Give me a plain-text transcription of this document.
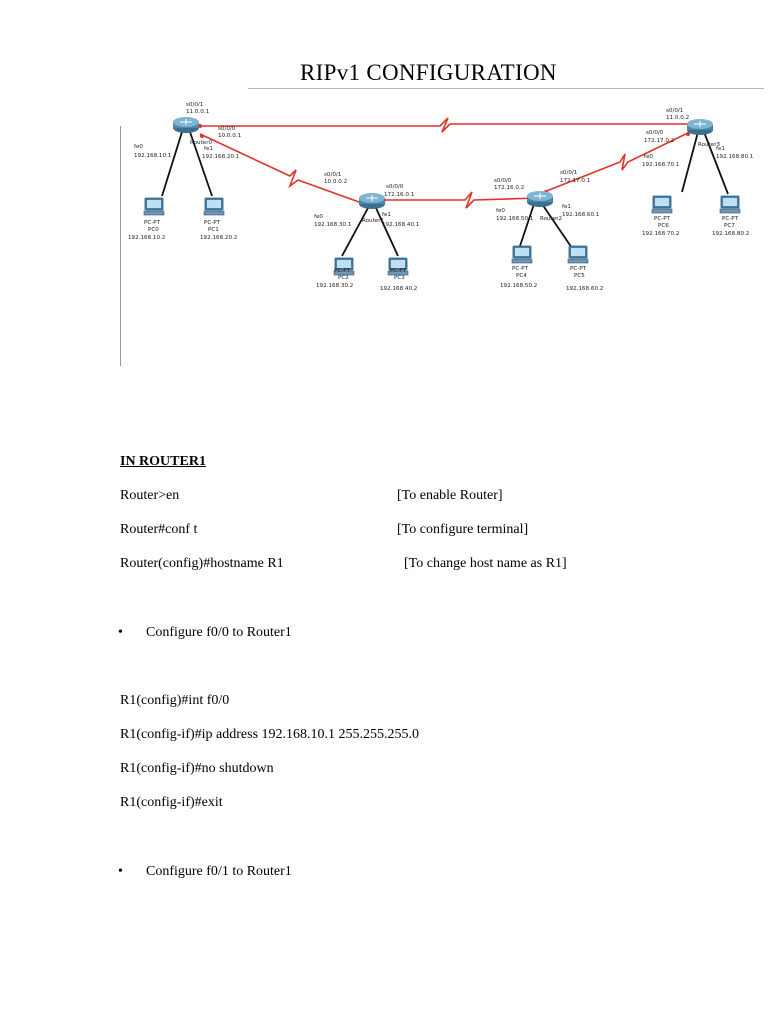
RIPv1 CONFIGURATION
s0/0/1
11.0.0.1
s0/0/0
10.0.0.1
Router0
fe0
192.168.10.1
fe1
192.168.20.1
s0/0/1
10.0.0.2
s0/0/0
172.16.0.1
Router1
fe0
192.168.30.1
fe1
192.168.40.1
s0/0/0
172.16.0.2
s0/0/1
172.17.0.1
Router2
fe0
192.168.50.1
fe1
192.168.60.1
s0/0/1
11.0.0.2
s0/0/0
172.17.0.2
Router3
fe0
192.168.70.1
fe1
192.168.80.1
PC-PT
PC0
192.168.10.2
PC-PT
PC1
192.168.20.2
PC-PT
PC2
192.168.30.2
PC-PT
PC3
192.168.40.2
PC-PT
PC4
192.168.50.2
PC-PT
PC5
192.168.60.2
PC-PT
PC6
192.168.70.2
PC-PT
PC7
192.168.80.2
IN ROUTER1
Router>en	[To enable Router]
Router#conf t	[To configure terminal]
Router(config)#hostname R1	[To change host name as R1]
• Configure f0/0 to Router1
R1(config)#int f0/0
R1(config-if)#ip address 192.168.10.1 255.255.255.0
R1(config-if)#no shutdown
R1(config-if)#exit
• Configure f0/1 to Router1
